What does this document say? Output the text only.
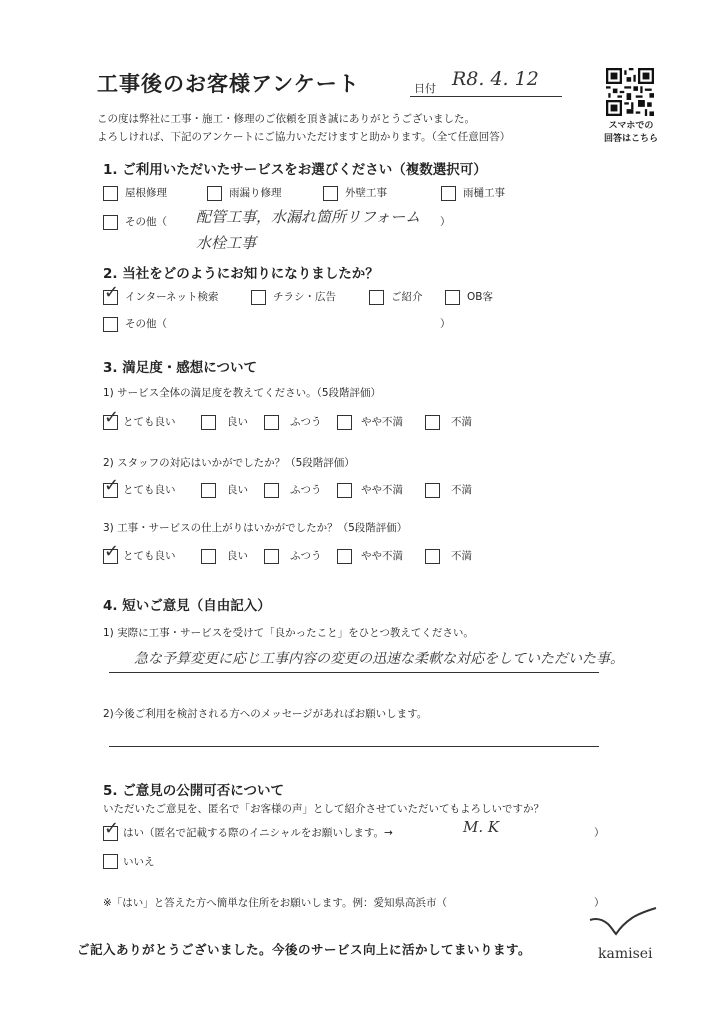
工事後のお客様アンケート	日付 R8. 4. 12
スマホでの
回答はこちら
この度は弊社に工事・施工・修理のご依頼を頂き誠にありがとうございました。
よろしければ、下記のアンケートにご協力いただけますと助かります。（全て任意回答）
1. ご利用いただいたサービスをお選びください（複数選択可）
屋根修理	雨漏り修理	外壁工事	雨樋工事
その他（ 配管工事，水漏れ箇所リフォーム ）
水栓工事
2. 当社をどのようにお知りになりましたか？
✓ インターネット検索	チラシ・広告	ご紹介	OB客
その他（	）
3. 満足度・感想について
1) サービス全体の満足度を教えてください。（5段階評価）
✓ とても良い	良い	ふつう	やや不満	不満
2) スタッフの対応はいかがでしたか？（5段階評価）
✓ とても良い	良い	ふつう	やや不満	不満
3) 工事・サービスの仕上がりはいかがでしたか？（5段階評価）
✓ とても良い	良い	ふつう	やや不満	不満
4. 短いご意見（自由記入）
1) 実際に工事・サービスを受けて「良かったこと」をひとつ教えてください。
急な予算変更に応じ工事内容の変更の迅速な柔軟な対応をしていただいた事。
2)今後ご利用を検討される方へのメッセージがあればお願いします。
5. ご意見の公開可否について
いただいたご意見を、匿名で「お客様の声」として紹介させていただいてもよろしいですか？
✓ はい（匿名で記載する際のイニシャルをお願いします。→	M. K	）
いいえ
※「はい」と答えた方へ簡単な住所をお願いします。例：愛知県高浜市（	）
ご記入ありがとうございました。今後のサービス向上に活かしてまいります。	kamisei
